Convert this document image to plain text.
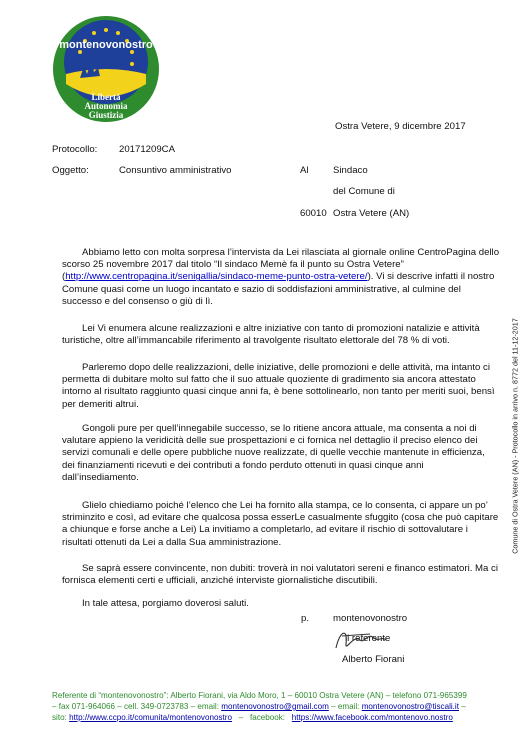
montenovonostro
Libertà
Autonomia
Giustizia
Comune di Ostra Vetere (AN) - Protocollo in arrivo n. 8772 del 11-12-2017
Ostra Vetere, 9 dicembre 2017
Protocollo: 20171209CA
Oggetto:	Consuntivo amministrativo	Al	Sindaco
del Comune di
60010 Ostra Vetere (AN)

Abbiamo letto con molta sorpresa l’intervista da Lei rilasciata al giornale online CentroPagina dello scorso 25 novembre 2017 dal titolo “Il sindaco Memè fa il punto su Ostra Vetere” (http://www.centropagina.it/senigallia/sindaco-meme-punto-ostra-vetere/). Vi si descrive infatti il nostro Comune quasi come un luogo incantato e sazio di soddisfazioni amministrative, al culmine del successo e del consenso o giù di lì.

Lei Vi enumera alcune realizzazioni e altre iniziative con tanto di promozioni natalizie e attività turistiche, oltre all’immancabile riferimento al travolgente risultato elettorale del 78 % di voti.

Parleremo dopo delle realizzazioni, delle iniziative, delle promozioni e delle attività, ma intanto ci permetta di dubitare molto sul fatto che il suo attuale quoziente di gradimento sia ancora attestato intorno al risultato raggiunto quasi cinque anni fa, è bene sottolinearlo, non tanto per meriti suoi, bensì per demeriti altrui.

Gongoli pure per quell’innegabile successo, se lo ritiene ancora attuale, ma consenta a noi di valutare appieno la veridicità delle sue prospettazioni e ci fornica nel dettaglio il preciso elenco dei servizi comunali e delle opere pubbliche nuove realizzate, di quelle vecchie mantenute in efficienza, dei finanziamenti ricevuti e dei contributi a fondo perduto ottenuti in quasi cinque anni dall’insediamento.

Glielo chiediamo poiché l’elenco che Lei ha fornito alla stampa, ce lo consenta, ci appare un po’ striminzito e così, ad evitare che qualcosa possa esserLe casualmente sfuggito (cosa che può capitare a chiunque e forse anche a Lei) La invitiamo a completarlo, ad evitare il rischio di sottovalutare i risultati ottenuti da Lei a dalla Sua amministrazione.

Se saprà essere convincente, non dubiti: troverà in noi valutatori sereni e financo estimatori. Ma ci fornisca elementi certi e ufficiali, anziché interviste giornalistiche discutibili.

In tale attesa, porgiamo doverosi saluti.

p. montenovonostro
il referente
Alberto Fiorani
Referente di “montenovonostro”: Alberto Fiorani, via Aldo Moro, 1 – 60010 Ostra Vetere (AN) – telefono 071-965399
– fax 071-964066 – cell. 349-0723783 – email: montenovonostro@gmail.com – email: montenovonostro@tiscali.it –
sito: http://www.ccpo.it/comunita/montenovonostro   –   facebook:   https://www.facebook.com/montenovo.nostro
